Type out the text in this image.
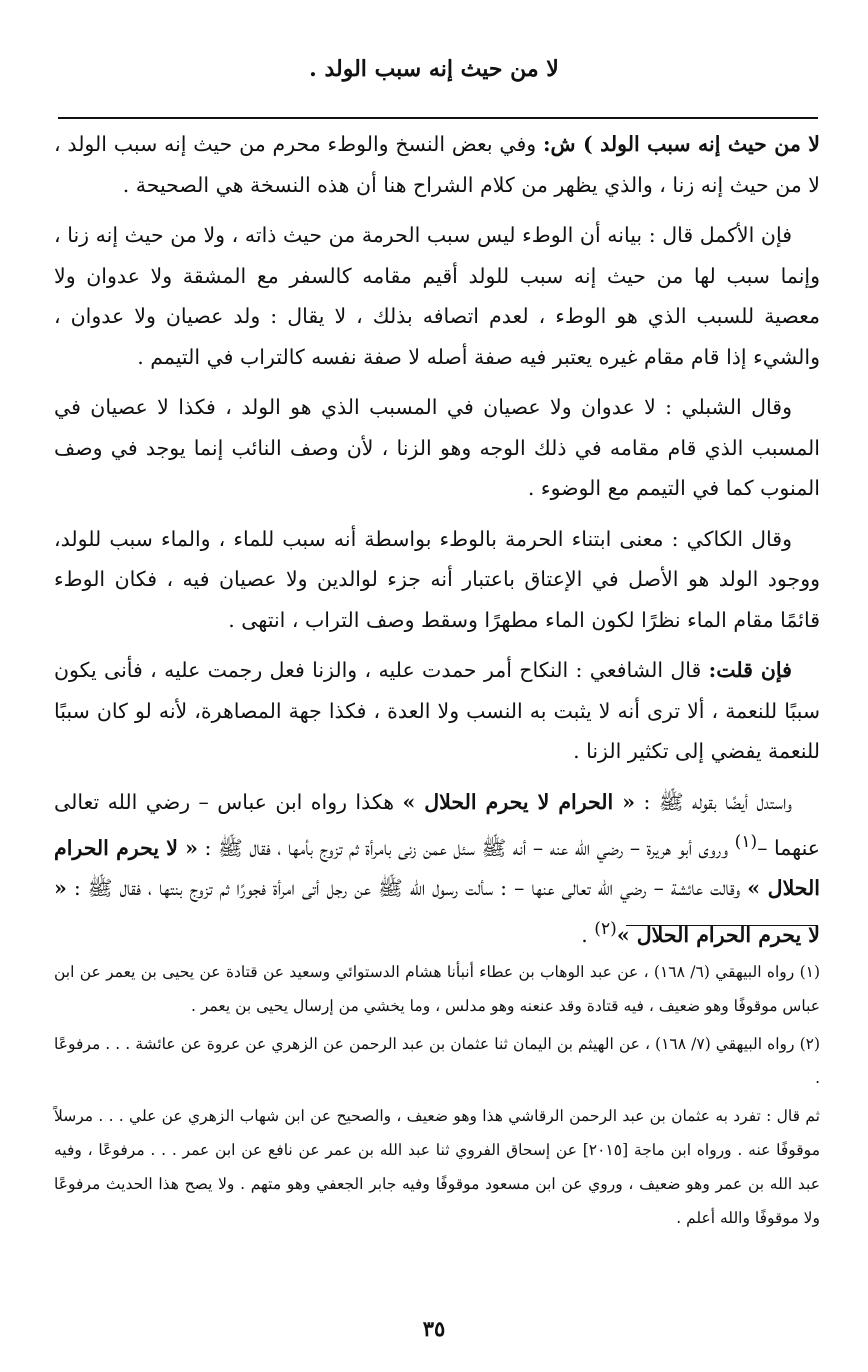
لا من حيث إنه سبب الولد .

لا من حيث إنه سبب الولد ) ش: وفي بعض النسخ والوطء محرم من حيث إنه سبب الولد ، لا من حيث إنه زنا ، والذي يظهر من كلام الشراح هنا أن هذه النسخة هي الصحيحة .

فإن الأكمل قال : بيانه أن الوطء ليس سبب الحرمة من حيث ذاته ، ولا من حيث إنه زنا ، وإنما سبب لها من حيث إنه سبب للولد أقيم مقامه كالسفر مع المشقة ولا عدوان ولا معصية للسبب الذي هو الوطء ، لعدم اتصافه بذلك ، لا يقال : ولد عصيان ولا عدوان ، والشيء إذا قام مقام غيره يعتبر فيه صفة أصله لا صفة نفسه كالتراب في التيمم .

وقال الشبلي : لا عدوان ولا عصيان في المسبب الذي هو الولد ، فكذا لا عصيان في المسبب الذي قام مقامه في ذلك الوجه وهو الزنا ، لأن وصف النائب إنما يوجد في وصف المنوب كما في التيمم مع الوضوء .

وقال الكاكي : معنى ابتناء الحرمة بالوطء بواسطة أنه سبب للماء ، والماء سبب للولد، ووجود الولد هو الأصل في الإعتاق باعتبار أنه جزء لوالدين ولا عصيان فيه ، فكان الوطء قائمًا مقام الماء نظرًا لكون الماء مطهرًا وسقط وصف التراب ، انتهى .

فإن قلت: قال الشافعي : النكاح أمر حمدت عليه ، والزنا فعل رجمت عليه ، فأنى يكون سببًا للنعمة ، ألا ترى أنه لا يثبت به النسب ولا العدة ، فكذا جهة المصاهرة، لأنه لو كان سببًا للنعمة يفضي إلى تكثير الزنا .

واستدل أيضًا بقوله ﷺ : « الحرام لا يحرم الحلال » هكذا رواه ابن عباس – رضي الله تعالى عنهما –$^{(١)}$ وروى أبو هريرة – رضي الله عنه – أنه ﷺ سئل عمن زنى بامرأة ثم تزوج بأمها ، فقال ﷺ : « لا يحرم الحرام الحلال » وقالت عائشة – رضي الله تعالى عنها – : سألت رسول الله ﷺ عن رجل أتى امرأة فجورًا ثم تزوج بنتها ، فقال ﷺ : « لا يحرم الحرام الحلال »$^{(٢)}$ .

(١) رواه البيهقي (٦/ ١٦٨) ، عن عبد الوهاب بن عطاء أنبأنا هشام الدستوائي وسعيد عن قتادة عن يحيى بن يعمر عن ابن عباس موقوفًا وهو ضعيف ، فيه قتادة وقد عنعنه وهو مدلس ، وما يخشي من إرسال يحيى بن يعمر .

(٢) رواه البيهقي (٧/ ١٦٨) ، عن الهيثم بن اليمان ثنا عثمان بن عبد الرحمن عن الزهري عن عروة عن عائشة . . . مرفوعًا .

ثم قال : تفرد به عثمان بن عبد الرحمن الرقاشي هذا وهو ضعيف ، والصحيح عن ابن شهاب الزهري عن علي . . . مرسلاً موقوفًا عنه . ورواه ابن ماجة [٢٠١٥] عن إسحاق الفروي ثنا عبد الله بن عمر عن نافع عن ابن عمر . . . مرفوعًا ، وفيه عبد الله بن عمر وهو ضعيف ، وروي عن ابن مسعود موقوفًا وفيه جابر الجعفي وهو متهم . ولا يصح هذا الحديث مرفوعًا ولا موقوفًا والله أعلم .

٣٥
